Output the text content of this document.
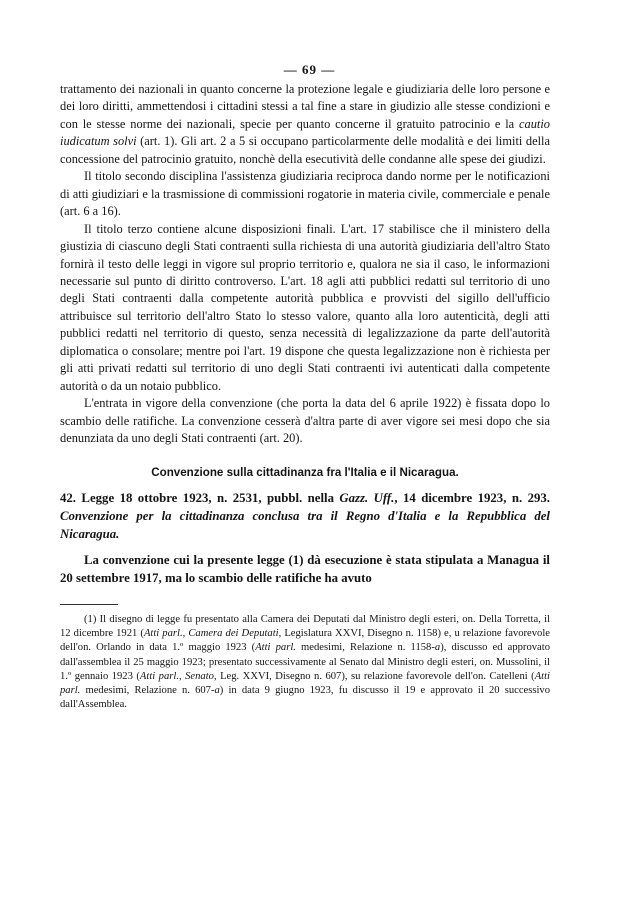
— 69 —

trattamento dei nazionali in quanto concerne la protezione legale e giudiziaria delle loro persone e dei loro diritti, ammettendosi i cittadini stessi a tal fine a stare in giudizio alle stesse condizioni e con le stesse norme dei nazionali, specie per quanto concerne il gratuito patrocinio e la cautio iudicatum solvi (art. 1). Gli art. 2 a 5 si occupano particolarmente delle modalità e dei limiti della concessione del patrocinio gratuito, nonchè della esecutività delle condanne alle spese dei giudizi.

Il titolo secondo disciplina l'assistenza giudiziaria reciproca dando norme per le notificazioni di atti giudiziari e la trasmissione di commissioni rogatorie in materia civile, commerciale e penale (art. 6 a 16).

Il titolo terzo contiene alcune disposizioni finali. L'art. 17 stabilisce che il ministero della giustizia di ciascuno degli Stati contraenti sulla richiesta di una autorità giudiziaria dell'altro Stato fornirà il testo delle leggi in vigore sul proprio territorio e, qualora ne sia il caso, le informazioni necessarie sul punto di diritto controverso. L'art. 18 agli atti pubblici redatti sul territorio di uno degli Stati contraenti dalla competente autorità pubblica e provvisti del sigillo dell'ufficio attribuisce sul territorio dell'altro Stato lo stesso valore, quanto alla loro autenticità, degli atti pubblici redatti nel territorio di questo, senza necessità di legalizzazione da parte dell'autorità diplomatica o consolare; mentre poi l'art. 19 dispone che questa legalizzazione non è richiesta per gli atti privati redatti sul territorio di uno degli Stati contraenti ivi autenticati dalla competente autorità o da un notaio pubblico.

L'entrata in vigore della convenzione (che porta la data del 6 aprile 1922) è fissata dopo lo scambio delle ratifiche. La convenzione cesserà d'altra parte di aver vigore sei mesi dopo che sia denunziata da uno degli Stati contraenti (art. 20).

Convenzione sulla cittadinanza fra l'Italia e il Nicaragua.

42. Legge 18 ottobre 1923, n. 2531, pubbl. nella Gazz. Uff., 14 dicembre 1923, n. 293. Convenzione per la cittadinanza conclusa tra il Regno d'Italia e la Repubblica del Nicaragua.

La convenzione cui la presente legge (1) dà esecuzione è stata stipulata a Managua il 20 settembre 1917, ma lo scambio delle ratifiche ha avuto

(1) Il disegno di legge fu presentato alla Camera dei Deputati dal Ministro degli esteri, on. Della Torretta, il 12 dicembre 1921 (Atti parl., Camera dei Deputati, Legislatura XXVI, Disegno n. 1158) e, u relazione favorevole dell'on. Orlando in data 1.º maggio 1923 (Atti parl. medesimi, Relazione n. 1158-a), discusso ed approvato dall'assemblea il 25 maggio 1923; presentato successivamente al Senato dal Ministro degli esteri, on. Mussolini, il 1.º gennaio 1923 (Atti parl., Senato, Leg. XXVI, Disegno n. 607), su relazione favorevole dell'on. Catelleni (Atti parl. medesimi, Relazione n. 607-a) in data 9 giugno 1923, fu discusso il 19 e approvato il 20 successivo dall'Assemblea.
